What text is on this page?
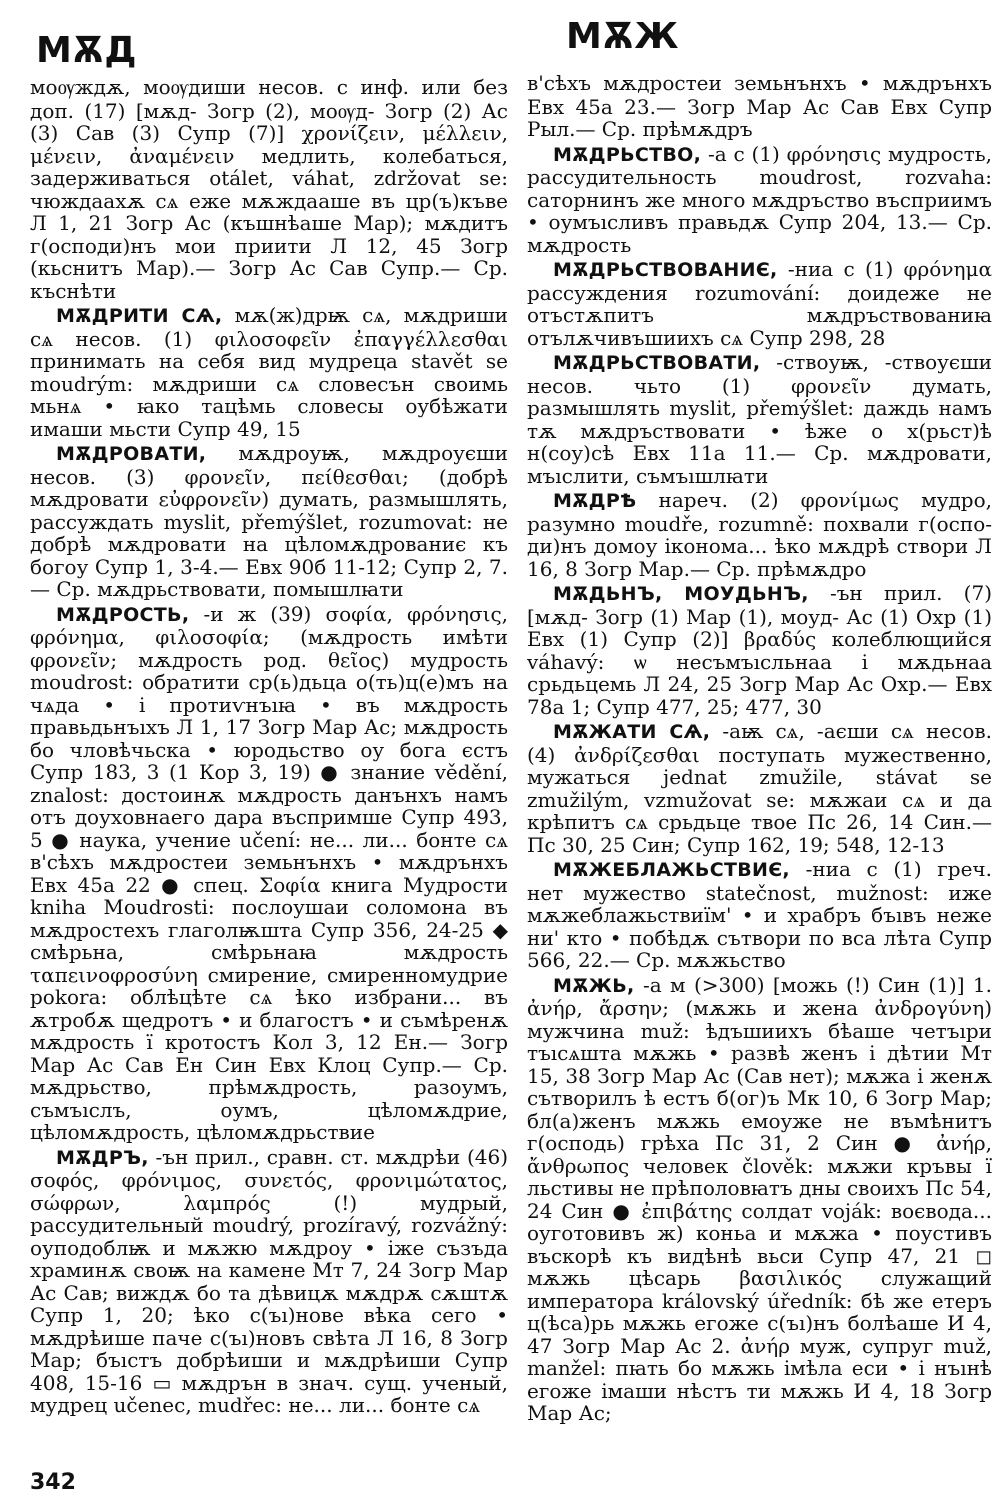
МѪД	МѪЖ

моѹждѫ, моѹдиши несов. с инф. или без доп. (17) [мѫд- Зогр (2), моѹд- Зогр (2) Ас (3) Сав (3) Супр (7)] χρονίζειν, μέλλειν, μένειν, ἀναμένειν медлить, колебаться, задерживаться otálet, váhat, zdržovat se: чюждаахѫ сѧ еже мѫждааше въ цр(ъ)къве Л 1, 21 Зогр Ас (къшнѣаше Мар); мѫдитъ г(осподи)нъ мои приити Л 12, 45 Зогр (кьснитъ Мар).— Зогр Ас Сав Супр.— Ср. къснѣти

МѪДРИТИ СѦ, мѫ(ж)дрѭ сѧ, мѫдриши сѧ несов. (1) φιλοσοφεῖν ἐπαγγέλλεσθαι принимать на себя вид мудреца stavět se moudrým: мѫдриши сѧ словесън своимь мьнѧ • ꙗко тацѣмь словесы оубѣжати имаши мьсти Супр 49, 15

МѪДРОВАТИ, мѫдроуѭ, мѫдроуєши несов. (3) φρονεῖν, πείθεσθαι; (добрѣ мѫдровати εὐφρονεῖν) думать, размышлять, рассуждать myslit, přemýšlet, rozumovat: не добрѣ мѫдровати на цѣломѫдрованиє къ богоу Супр 1, 3-4.— Евх 90б 11-12; Супр 2, 7.— Ср. мѫдрьствовати, помышлꙗти

МѪДРОСТЬ, -и ж (39) σοφία, φρόνησις, φρόνημα, φιλοσοφία; (мѫдрость имѣти φρονεῖν; мѫдрость род. θεῖος) мудрость moudrost: обратити ср(ь)дьца о(ть)ц(е)мъ на чѧда • і протиѵнъıꙗ • въ мѫдрость правьдьнъıхъ Л 1, 17 Зогр Мар Ас; мѫдрость бо чловѣчьска • юродьство оу бога єстъ Супр 183, 3 (1 Кор 3, 19) ● знание vědění, znalost: достоинѫ мѫдрость данънхъ намъ отъ доуховнаего дара въспримше Супр 493, 5 ● наука, учение učení: не... ли... бонте сѧ в'сѣхъ мѫдростеи земьнънхъ • мѫдрънхъ Евх 45а 22 ● спец. Σοφία книга Мудрости kniha Moudrosti: послоушаи соломона въ мѫдростехъ глаголѭшта Супр 356, 24-25 ◆ смѣрьна, смѣрьнаꙗ мѫдрость ταπεινοφροσύνη смирение, смиренномудрие pokora: облѣцѣте сѧ ѣко избрани... въ ѫтробѫ щедротъ • и благостъ • и съмѣренѫ мѫдрость ї кротостъ Кол 3, 12 Ен.— Зогр Мар Ас Сав Ен Син Евх Клоц Супр.— Ср. мѫдрьство, прѣмѫдрость, разоумъ, съмъıслъ, оумъ, цѣломѫдрие, цѣломѫдрость, цѣломѫдрьствие

МѪДРЪ, -ън прил., сравн. ст. мѫдрѣи (46) σοφός, φρόνιμος, συνετός, φρονιμώτατος, σώφρων, λαμπρός (!) мудрый, рассудительный moudrý, prozíravý, rozvážný: оуподоблѭ и мѫжю мѫдроу • іже съзъда храминѫ своѭ на камене Мт 7, 24 Зогр Мар Ас Сав; виждѫ бо та дѣвицѫ мѫдрѫ сѫштѫ Супр 1, 20; ѣко с(ъı)нове вѣка сего • мѫдрѣише паче с(ъı)новъ свѣта Л 16, 8 Зогр Мар; бъıстъ добрѣиши и мѫдрѣиши Супр 408, 15-16 ▭ мѫдрън в знач. сущ. ученый, мудрец učenec, mudřec: не... ли... бонте сѧ

в'сѣхъ мѫдростеи земьнънхъ • мѫдрънхъ Евх 45а 23.— Зогр Мар Ас Сав Евх Супр Рыл.— Ср. прѣмѫдръ

МѪДРЬСТВО, -а с (1) φρόνησις мудрость, рассудительность moudrost, rozvaha: саторнинъ же много мѫдръство въсприимъ • оумъıсливъ правьдѫ Супр 204, 13.— Ср. мѫдрость

МѪДРЬСТВОВАНИЄ, -ниа с (1) φρόνημα рассуждения rozumování: доидеже не отъстѫпитъ мѫдръствованиꙗ отълѫчивъшиихъ сѧ Супр 298, 28

МѪДРЬСТВОВАТИ, -ствоуѭ, -ствоуєши несов. чьто (1) φρονεῖν думать, размышлять myslit, přemýšlet: даждь намъ тѫ мѫдръствовати • ѣже о х(рьст)ѣ н(соу)сѣ Евх 11а 11.— Ср. мѫдровати, мъıслити, съмъıшлꙗти

МѪДРѢ нареч. (2) φρονίμως мудро, разумно moudře, rozumně: похвали г(осподи)нъ домоу ікономa... ѣко мѫдрѣ створи Л 16, 8 Зогр Мар.— Ср. прѣмѫдро

МѪДЬНЪ, МОУДЬНЪ, -ън прил. (7) [мѫд- Зогр (1) Мар (1), моуд- Ас (1) Охр (1) Евх (1) Супр (2)] βραδύς колеблющийся váhavý: ѡ несъмъıсльнаа і мѫдьнаа срьдьцемь Л 24, 25 Зогр Мар Ас Охр.— Евх 78а 1; Супр 477, 25; 477, 30

МѪЖАТИ СѦ, -аѭ сѧ, -аєши сѧ несов. (4) ἀνδρίζεσθαι поступать мужественно, мужаться jednat zmužile, stávat se zmužilým, vzmužovat se: мѫжаи сѧ и да крѣпитъ сѧ срьдьце твое Пс 26, 14 Син.— Пс 30, 25 Син; Супр 162, 19; 548, 12-13

МѪЖЕБЛАЖЬСТВИЄ, -ниа с (1) греч. нет мужество statečnost, mužnost: иже мѫжеблажьствиїм' • и храбръ бъıвъ неже ни' кто • побѣдѫ сътвори по вса лѣта Супр 566, 22.— Ср. мѫжьство

МѪЖЬ, -а м (>300) [можь (!) Син (1)] 1. ἀνήρ, ἄρσην; (мѫжь и жена ἀνδρογύνη) мужчина muž: ѣдъшиихъ бѣаше четъıри тъıсѧшта мѫжь • развѣ женъ і дѣтии Мт 15, 38 Зогр Мар Ас (Сав нет); мѫжа і женѫ сътворилъ ѣ естъ б(ог)ъ Мк 10, 6 Зогр Мар; бл(а)женъ мѫжь емоуже не въмѣнитъ г(осподь) грѣха Пс 31, 2 Син ● ἀνήρ, ἄνθρωπος человек člověk: мѫжи кръвы ї льстивы не прѣполовꙗтъ дны своихъ Пс 54, 24 Син ● ἐπιβάτης солдат voják: воєвода... оуготовивъ ж) коньа и мѫжа • поустивъ въскорѣ къ видѣнѣ вьси Супр 47, 21 ◻ мѫжь цѣсарь βασιλικός служащий императора královský úředník: бѣ же етеръ ц(ѣса)рь мѫжь егоже с(ъı)нъ болѣаше И 4, 47 Зогр Мар Ас 2. ἀνήρ муж, супруг muž, manžel: пꙗть бо мѫжь імѣла еси • і нъıнѣ егоже імаши нѣстъ ти мѫжь И 4, 18 Зогр Мар Ас;

342
